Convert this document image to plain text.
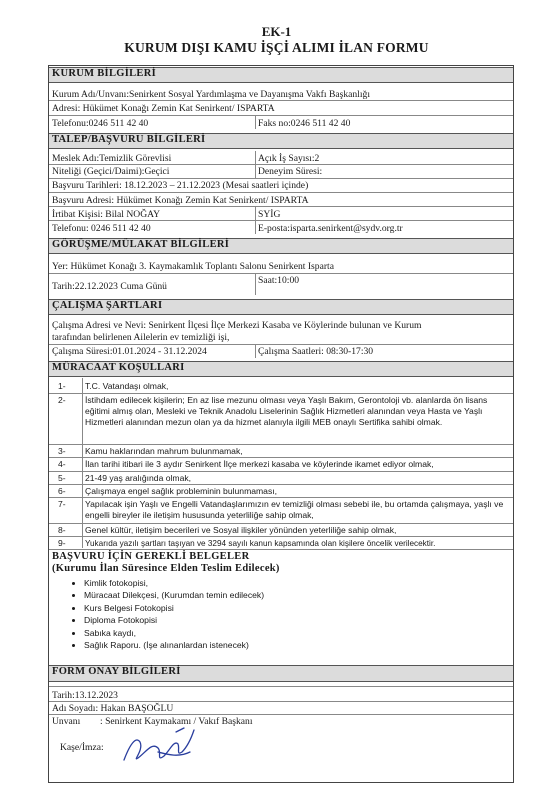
EK-1
KURUM DIŞI KAMU İŞÇİ ALIMI İLAN FORMU
KURUM BİLGİLERİ
Kurum Adı/Unvanı:Senirkent Sosyal Yardımlaşma ve Dayanışma Vakfı Başkanlığı
Adresi: Hükümet Konağı Zemin Kat Senirkent/ ISPARTA
Telefonu:0246 511 42 40	Faks no:0246 511 42 40
TALEP/BAŞVURU BİLGİLERİ
Meslek Adı:Temizlik Görevlisi	Açık İş Sayısı:2
Niteliği (Geçici/Daimi):Geçici	Deneyim Süresi:
Başvuru Tarihleri: 18.12.2023 – 21.12.2023 (Mesai saatleri içinde)
Başvuru Adresi: Hükümet Konağı Zemin Kat Senirkent/ ISPARTA
İrtibat Kişisi: Bilal NOĞAY	SYİG
Telefonu: 0246 511 42 40	E-posta:isparta.senirkent@sydv.org.tr
GÖRÜŞME/MÜLAKAT BİLGİLERİ
Yer: Hükümet Konağı 3. Kaymakamlık Toplantı Salonu Senirkent Isparta
Tarih:22.12.2023 Cuma Günü
Saat:10:00
ÇALIŞMA ŞARTLARI
Çalışma Adresi ve Nevi: Senirkent İlçesi İlçe Merkezi Kasaba ve Köylerinde bulunan ve Kurum
tarafından belirlenen Ailelerin ev temizliği işi,
Çalışma Süresi:01.01.2024 - 31.12.2024	Çalışma Saatleri: 08:30-17:30
MÜRACAAT KOŞULLARI
1- T.C. Vatandaşı olmak,
2- İstihdam edilecek kişilerin; En az lise mezunu olması veya Yaşlı Bakım, Gerontoloji vb. alanlarda ön lisans eğitimi almış olan, Mesleki ve Teknik Anadolu Liselerinin Sağlık Hizmetleri alanından veya Hasta ve Yaşlı Hizmetleri alanından mezun olan ya da hizmet alanıyla ilgili MEB onaylı Sertifika sahibi olmak.
3- Kamu haklarından mahrum bulunmamak,
4- İlan tarihi itibari ile 3 aydır Senirkent İlçe merkezi kasaba ve köylerinde ikamet ediyor olmak,
5- 21-49 yaş aralığında olmak,
6- Çalışmaya engel sağlık probleminin bulunmaması,
7- Yapılacak işin Yaşlı ve Engelli Vatandaşlarımızın ev temizliği olması sebebi ile, bu ortamda çalışmaya, yaşlı ve engelli bireyler ile iletişim hususunda yeterliliğe sahip olmak,
8- Genel kültür, iletişim becerileri ve Sosyal ilişkiler yönünden yeterliliğe sahip olmak,
9- Yukarıda yazılı şartları taşıyan ve 3294 sayılı kanun kapsamında olan kişilere öncelik verilecektir.
BAŞVURU İÇİN GEREKLİ BELGELER
(Kurumu İlan Süresince Elden Teslim Edilecek)
• Kimlik fotokopisi,
• Müracaat Dilekçesi, (Kurumdan temin edilecek)
• Kurs Belgesi Fotokopisi
• Diploma Fotokopisi
• Sabıka kaydı,
• Sağlık Raporu. (İşe alınanlardan istenecek)
FORM ONAY BİLGİLERİ
Tarih:13.12.2023
Adı Soyadı: Hakan BAŞOĞLU
Unvanı : Senirkent Kaymakamı / Vakıf Başkanı
Kaşe/İmza:
